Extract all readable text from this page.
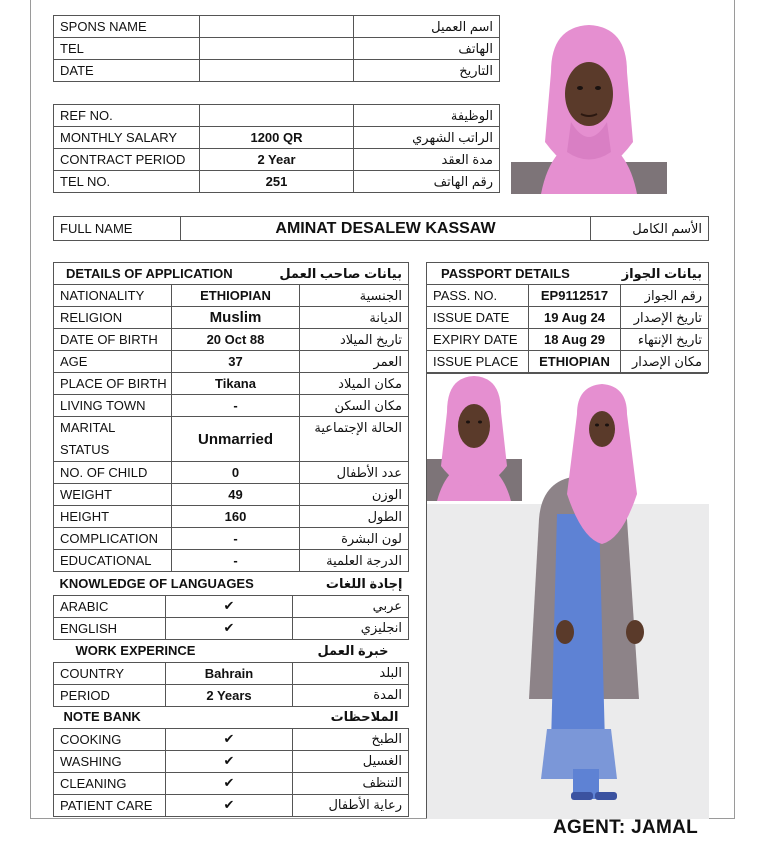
SPONS NAME		اسم العميل
TEL		الهاتف
DATE		التاريخ
REF NO.		الوظيفة
MONTHLY SALARY	1200 QR	الراتب الشهري
CONTRACT PERIOD	2 Year	مدة العقد
TEL NO.	251	رقم الهاتف
FULL NAME	AMINAT DESALEW KASSAW	الأسم الكامل
DETAILS OF APPLICATION		بيانات صاحب العمل
NATIONALITY	ETHIOPIAN	الجنسية
RELIGION	Muslim	الديانة
DATE OF BIRTH	20 Oct 88	تاريخ الميلاد
AGE	37	العمر
PLACE OF BIRTH	Tikana	مكان الميلاد
LIVING TOWN	-	مكان السكن
MARITAL STATUS	Unmarried	الحالة الإجتماعية
NO. OF CHILD	0	عدد الأطفال
WEIGHT	49	الوزن
HEIGHT	160	الطول
COMPLICATION	-	لون البشرة
EDUCATIONAL	-	الدرجة العلمية
KNOWLEDGE OF LANGUAGES		إجادة اللغات
ARABIC	✔	عربي
ENGLISH	✔	انجليزي
WORK EXPERINCE		خبرة العمل
COUNTRY	Bahrain	البلد
PERIOD	2 Years	المدة
NOTE BANK		الملاحظات
COOKING	✔	الطبخ
WASHING	✔	الغسيل
CLEANING	✔	التنظف
PATIENT CARE	✔	رعاية الأطفال
PASSPORT DETAILS		بيانات الجواز
PASS. NO.	EP9112517	رقم الجواز
ISSUE DATE	19 Aug 24	تاريخ الإصدار
EXPIRY DATE	18 Aug 29	تاريخ الإنتهاء
ISSUE PLACE	ETHIOPIAN	مكان الإصدار
AGENT: JAMAL
